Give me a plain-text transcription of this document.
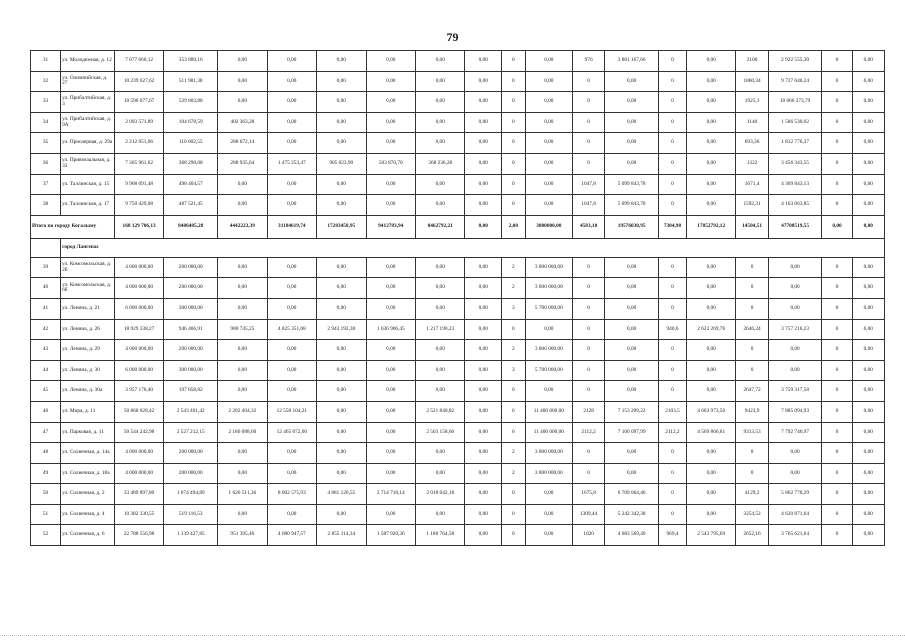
79
31	ул. Молодежная, д. 12	7 077 660,12	353 880,16	0,00	0,00	0,00	0,00	0,00	0,00	0	0,00	976	3 801 167,66	0	0,00	2100	2 922 555,30	0	0,00
32	ул. Олимпийская, д. 27	10 239 627,62	511 981,38	0,00	0,00	0,00	0,00	0,00	0,00	0	0,00	0	0,00	0	0,00	1860,34	9 727 646,24	0	0,00
33	ул. Прибалтийская, д. 3	10 596 077,67	529 803,88	0,00	0,00	0,00	0,00	0,00	0,00	0	0,00	0	0,00	0	0,00	1925,1	10 066 273,79	0	0,00
34	ул. Прибалтийская, д. 9А	2 093 571,89	104 678,59	402 363,28	0,00	0,00	0,00	0,00	0,00	0	0,00	0	0,00	0	0,00	1140	1 586 530,02	0	0,00
35	ул. Приозерная, д. 29а	2 212 051,06	110 602,55	288 672,14	0,00	0,00	0,00	0,00	0,00	0	0,00	0	0,00	0	0,00	693,36	1 812 776,37	0	0,00
36	ул. Привокзальная, д. 33	7 365 961,62	368 298,08	288 935,64	1 475 253,47	905 023,90	503 870,70	368 236,28	0,00	0	0,00	0	0,00	0	0,00	1322	3 456 343,55	0	0,00
37	ул. Таллинская, д. 15	9 968 091,48	498 404,57	0,00	0,00	0,00	0,00	0,00	0,00	0	0,00	1047,8	5 099 843,78	0	0,00	1671,4	4 369 843,13	0	0,00
38	ул. Таллинская, д. 17	9 750 429,08	487 521,45	0,00	0,00	0,00	0,00	0,00	0,00	0	0,00	1047,8	5 099 843,78	0	0,00	1592,31	4 163 063,85	0	0,00
Итого по городу Когалыму		168 129 706,13	8406485,28	4442223,39	31184619,74	17283458,95	9412783,94	8462792,21	0,00	2,00	3800000,00	4583,10	19576030,95	7304,98	17852792,12	14504,51	47708519,55	0,00	0,00
	город Лангепас																		
39	ул. Комсомольская, д. 2б	4 000 000,00	200 000,00	0,00	0,00	0,00	0,00	0,00	0,00	2	3 800 000,00	0	0,00	0	0,00	0	0,00	0	0,00
40	ул. Комсомольская, д. 6б	4 000 000,00	200 000,00	0,00	0,00	0,00	0,00	0,00	0,00	2	3 800 000,00	0	0,00	0	0,00	0	0,00	0	0,00
41	ул. Ленина, д. 21	6 000 000,00	300 000,00	0,00	0,00	0,00	0,00	0,00	0,00	3	5 700 000,00	0	0,00	0	0,00	0	0,00	0	0,00
42	ул. Ленина, д. 26	18 929 338,27	946 466,91	980 745,25	4 825 351,08	2 943 192,38	1 636 906,45	1 217 190,23	0,00	0	0,00	0	0,00	940,6	2 622 269,76	2646,24	3 757 216,23	0	0,00
43	ул. Ленина, д. 29	4 000 000,00	200 000,00	0,00	0,00	0,00	0,00	0,00	0,00	2	3 800 000,00	0	0,00	0	0,00	0	0,00	0	0,00
44	ул. Ленина, д. 30	6 000 000,00	300 000,00	0,00	0,00	0,00	0,00	0,00	0,00	3	5 700 000,00	0	0,00	0	0,00	0	0,00	0	0,00
45	ул. Ленина, д. 30а	3 957 176,40	197 858,82	0,00	0,00	0,00	0,00	0,00	0,00	0	0,00	0	0,00	0	0,00	2647,72	3 759 317,58	0	0,00
46	ул. Мира, д. 11	50 868 028,42	2 543 401,42	2 202 404,32	12 558 104,21	0,00	0,00	2 521 840,82	0,00	6	11 400 000,00	2128	7 153 209,22	2103,5	4 603 973,50	9423,9	7 885 094,93	0	0,00
47	ул. Парковая, д. 11	50 544 242,98	2 527 212,15	2 186 088,60	12 465 072,00	0,00	0,00	2 503 158,66	0,00	6	11 400 000,00	2112,2	7 100 097,99	2112,2	4 569 866,61	9313,53	7 792 746,97	0	0,00
48	ул. Солнечная, д. 14а	4 000 000,00	200 000,00	0,00	0,00	0,00	0,00	0,00	0,00	2	3 800 000,00	0	0,00	0	0,00	0	0,00	0	0,00
49	ул. Солнечная, д. 18а	4 000 000,00	200 000,00	0,00	0,00	0,00	0,00	0,00	0,00	2	3 800 000,00	0	0,00	0	0,00	0	0,00	0	0,00
50	ул. Солнечная, д. 2	33 489 897,80	1 674 494,89	1 626 511,36	8 002 575,93	4 881 120,55	2 714 718,14	2 018 642,18	0,00	0	0,00	1675,8	6 709 064,46	0	0,00	4129,2	5 862 770,29	0	0,00
51	ул. Солнечная, д. 4	10 382 330,55	519 116,53	0,00	0,00	0,00	0,00	0,00	0,00	0	0,00	1309,44	5 242 342,38	0	0,00	3254,52	4 620 871,64	0	0,00
52	ул. Солнечная, д. 6	22 788 556,98	1 139 427,85	951 395,46	4 680 947,57	2 855 114,34	1 587 920,36	1 180 764,58	0,00	0	0,00	1020	4 083 569,49	969,4	2 543 795,69	2652,16	3 765 621,64	0	0,00
